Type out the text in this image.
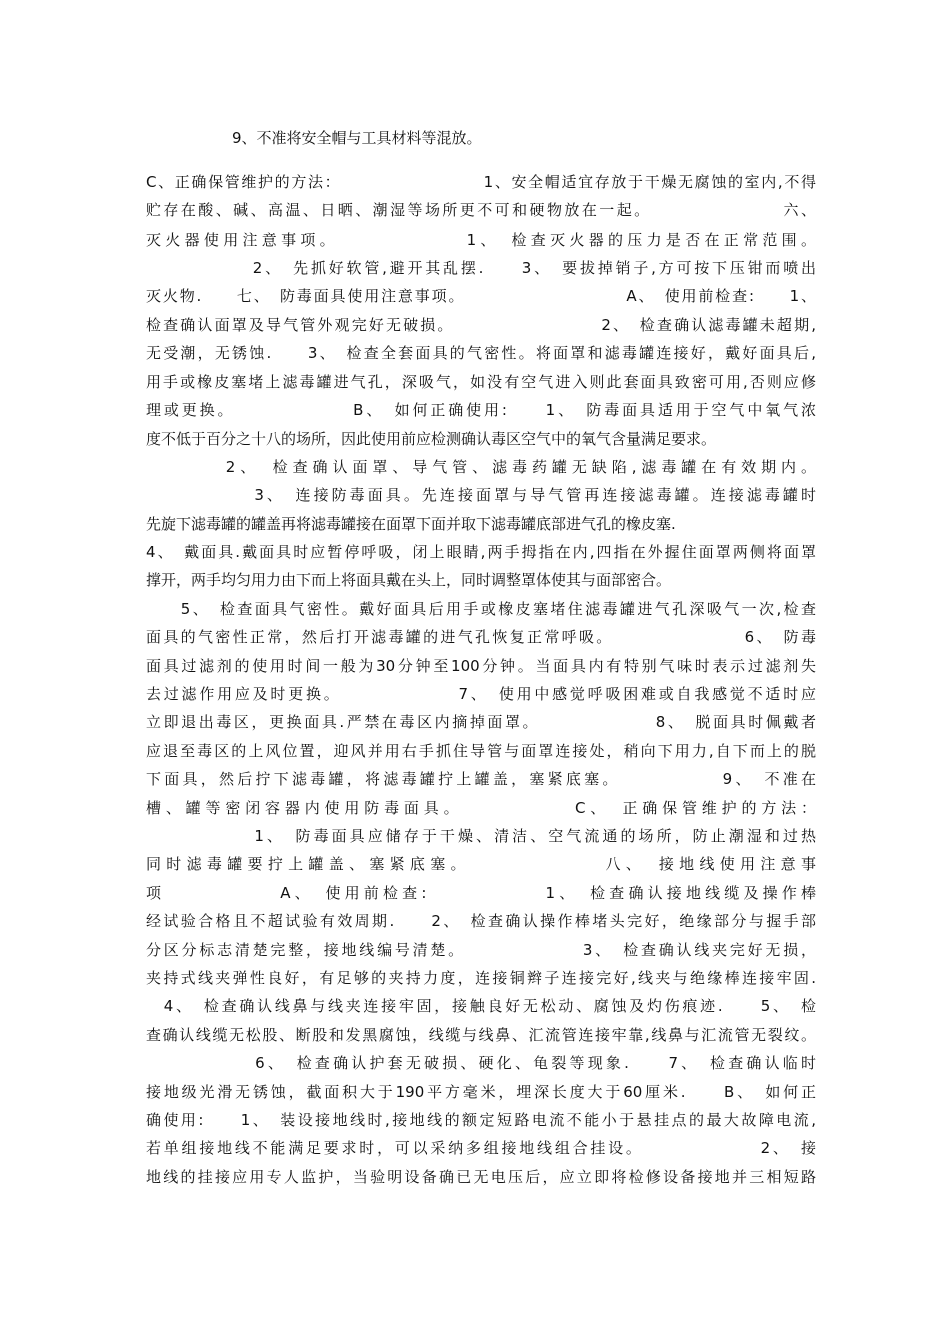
9、不准将安全帽与工具材料等混放。
C、正确保管维护的方法：　　　　　　　　　1、安全帽适宜存放于干燥无腐蚀的室内,不得
贮存在酸、碱、高温、日晒、潮湿等场所更不可和硬物放在一起。　　　　　　　　六、
灭火器使用注意事项。　　　　　　　1、　检查灭火器的压力是否在正常范围。
　　　　　　2、　先抓好软管,避开其乱摆.　　3、　要拔掉销子,方可按下压钳而喷出
灭火物.　　七、　防毒面具使用注意事项。　　　　　　　　　　A、　使用前检查:　　1、
检查确认面罩及导气管外观完好无破损。　　　　　　　　　2、　检查确认滤毒罐未超期,
无受潮，无锈蚀.　　3、　检查全套面具的气密性。将面罩和滤毒罐连接好，戴好面具后,
用手或橡皮塞堵上滤毒罐进气孔，深吸气，如没有空气进入则此套面具致密可用,否则应修
理或更换。　　　　　　　B、　如何正确使用:　　1、　防毒面具适用于空气中氧气浓
度不低于百分之十八的场所，因此使用前应检测确认毒区空气中的氧气含量满足要求。
　　　　2、　检查确认面罩、导气管、滤毒药罐无缺陷,滤毒罐在有效期内。
　　　　　　3、　连接防毒面具。先连接面罩与导气管再连接滤毒罐。连接滤毒罐时
先旋下滤毒罐的罐盖再将滤毒罐接在面罩下面并取下滤毒罐底部进气孔的橡皮塞.
4、　戴面具.戴面具时应暂停呼吸，闭上眼睛,两手拇指在内,四指在外握住面罩两侧将面罩
撑开，两手均匀用力由下而上将面具戴在头上，同时调整罩体使其与面部密合。
　　5、　检查面具气密性。戴好面具后用手或橡皮塞堵住滤毒罐进气孔深吸气一次,检查
面具的气密性正常，然后打开滤毒罐的进气孔恢复正常呼吸。　　　　　　　　6、　防毒
面具过滤剂的使用时间一般为30分钟至100分钟。当面具内有特别气味时表示过滤剂失
去过滤作用应及时更换。　　　　　　　7、　使用中感觉呼吸困难或自我感觉不适时应
立即退出毒区，更换面具.严禁在毒区内摘掉面罩。　　　　　　　8、　脱面具时佩戴者
应退至毒区的上风位置，迎风并用右手抓住导管与面罩连接处，稍向下用力,自下而上的脱
下面具，然后拧下滤毒罐，将滤毒罐拧上罐盖，塞紧底塞。　　　　　　9、　不准在
槽、罐等密闭容器内使用防毒面具。　　　　　　C、　正确保管维护的方法：
　　　　　　1、　防毒面具应储存于干燥、清洁、空气流通的场所，防止潮湿和过热
同时滤毒罐要拧上罐盖、塞紧底塞。　　　　　　　八、　接地线使用注意事
项　　　　　　A、　使用前检查:　　　　　　1、　检查确认接地线缆及操作棒
经试验合格且不超试验有效周期.　　2、　检查确认操作棒堵头完好，绝缘部分与握手部
分区分标志清楚完整，接地线编号清楚。　　　　　　　3、　检查确认线夹完好无损，
夹持式线夹弹性良好，有足够的夹持力度，连接铜辫子连接完好,线夹与绝缘棒连接牢固.
　4、　检查确认线鼻与线夹连接牢固，接触良好无松动、腐蚀及灼伤痕迹.　　5、　检
查确认线缆无松股、断股和发黑腐蚀，线缆与线鼻、汇流管连接牢靠,线鼻与汇流管无裂纹。
　　　　　　6、　检查确认护套无破损、硬化、龟裂等现象.　　7、　检查确认临时
接地级光滑无锈蚀，截面积大于190平方毫米，埋深长度大于60厘米.　　B、　如何正
确使用:　　1、　装设接地线时,接地线的额定短路电流不能小于悬挂点的最大故障电流,
若单组接地线不能满足要求时，可以采纳多组接地线组合挂设。　　　　　　　2、　接
地线的挂接应用专人监护，当验明设备确已无电压后，应立即将检修设备接地并三相短路
